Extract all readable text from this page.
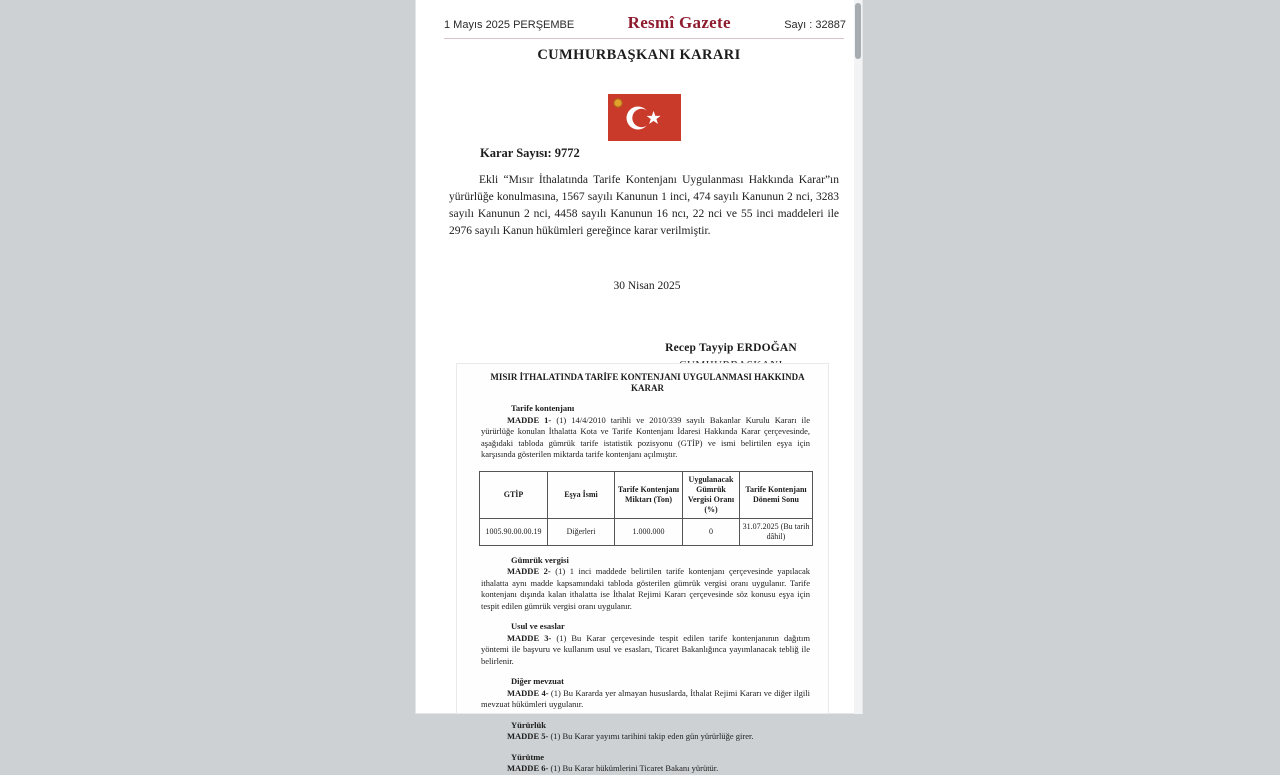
1 Mayıs 2025 PERŞEMBE	Resmî Gazete	Sayı : 32887
CUMHURBAŞKANI KARARI
Karar Sayısı: 9772

Ekli “Mısır İthalatında Tarife Kontenjanı Uygulanması Hakkında Karar”ın yürürlüğe konulmasına, 1567 sayılı Kanunun 1 inci, 474 sayılı Kanunun 2 nci, 3283 sayılı Kanunun 2 nci, 4458 sayılı Kanunun 16 ncı, 22 nci ve 55 inci maddeleri ile 2976 sayılı Kanun hükümleri gereğince karar verilmiştir.

30 Nisan 2025
Recep Tayyip ERDOĞAN
MISIR İTHALATINDA TARİFE KONTENJANI UYGULANMASI HAKKINDA KARAR
Tarife kontenjanı

MADDE 1- (1) 14/4/2010 tarihli ve 2010/339 sayılı Bakanlar Kurulu Kararı ile yürürlüğe konulan İthalatta Kota ve Tarife Kontenjanı İdaresi Hakkında Karar çerçevesinde, aşağıdaki tabloda gümrük tarife istatistik pozisyonu (GTİP) ve ismi belirtilen eşya için karşısında gösterilen miktarda tarife kontenjanı açılmıştır.

GTİP	Eşya İsmi	Tarife Kontenjanı Miktarı (Ton)	Uygulanacak Gümrük Vergisi Oranı (%)	Tarife Kontenjanı Dönemi Sonu
1005.90.00.00.19	Diğerleri	1.000.000	0	31.07.2025 (Bu tarih dâhil)
Gümrük vergisi

MADDE 2- (1) 1 inci maddede belirtilen tarife kontenjanı çerçevesinde yapılacak ithalatta aynı madde kapsamındaki tabloda gösterilen gümrük vergisi oranı uygulanır. Tarife kontenjanı dışında kalan ithalatta ise İthalat Rejimi Kararı çerçevesinde söz konusu eşya için tespit edilen gümrük vergisi oranı uygulanır.

Usul ve esaslar

MADDE 3- (1) Bu Karar çerçevesinde tespit edilen tarife kontenjanının dağıtım yöntemi ile başvuru ve kullanım usul ve esasları, Ticaret Bakanlığınca yayımlanacak tebliğ ile belirlenir.

Diğer mevzuat

MADDE 4- (1) Bu Kararda yer almayan hususlarda, İthalat Rejimi Kararı ve diğer ilgili mevzuat hükümleri uygulanır.

Yürürlük

MADDE 5- (1) Bu Karar yayımı tarihini takip eden gün yürürlüğe girer.

Yürütme

MADDE 6- (1) Bu Karar hükümlerini Ticaret Bakanı yürütür.
